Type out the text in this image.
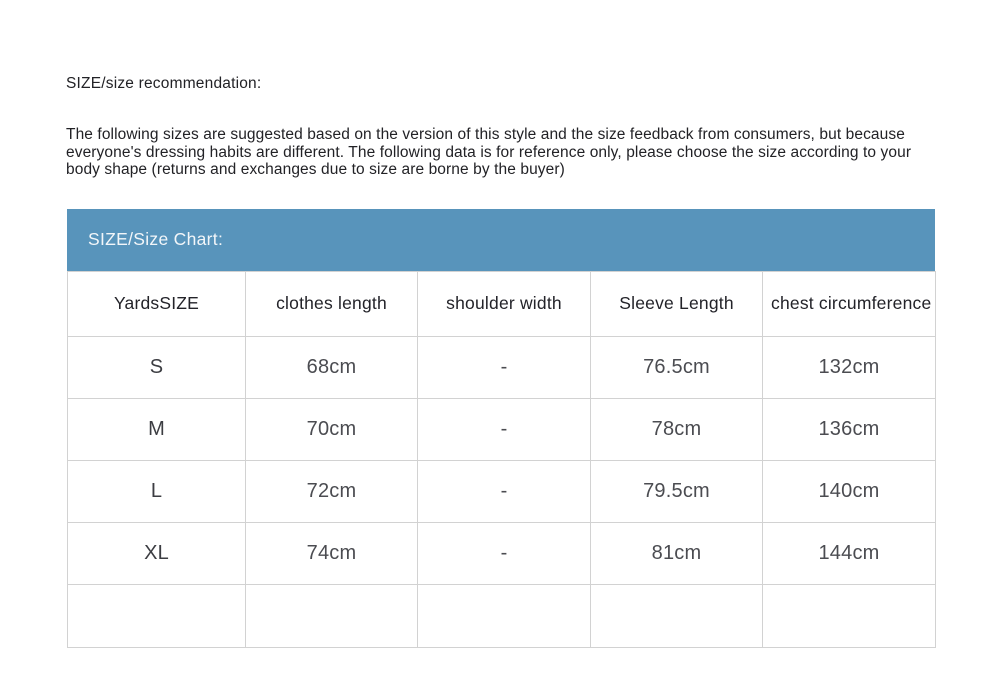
SIZE/size recommendation:

The following sizes are suggested based on the version of this style and the size feedback from consumers, but because everyone's dressing habits are different. The following data is for reference only, please choose the size according to your body shape (returns and exchanges due to size are borne by the buyer)

SIZE/Size Chart:
YardsSIZE	clothes length	shoulder width	Sleeve Length	chest circumference
S	68cm	-	76.5cm	132cm
M	70cm	-	78cm	136cm
L	72cm	-	79.5cm	140cm
XL	74cm	-	81cm	144cm
